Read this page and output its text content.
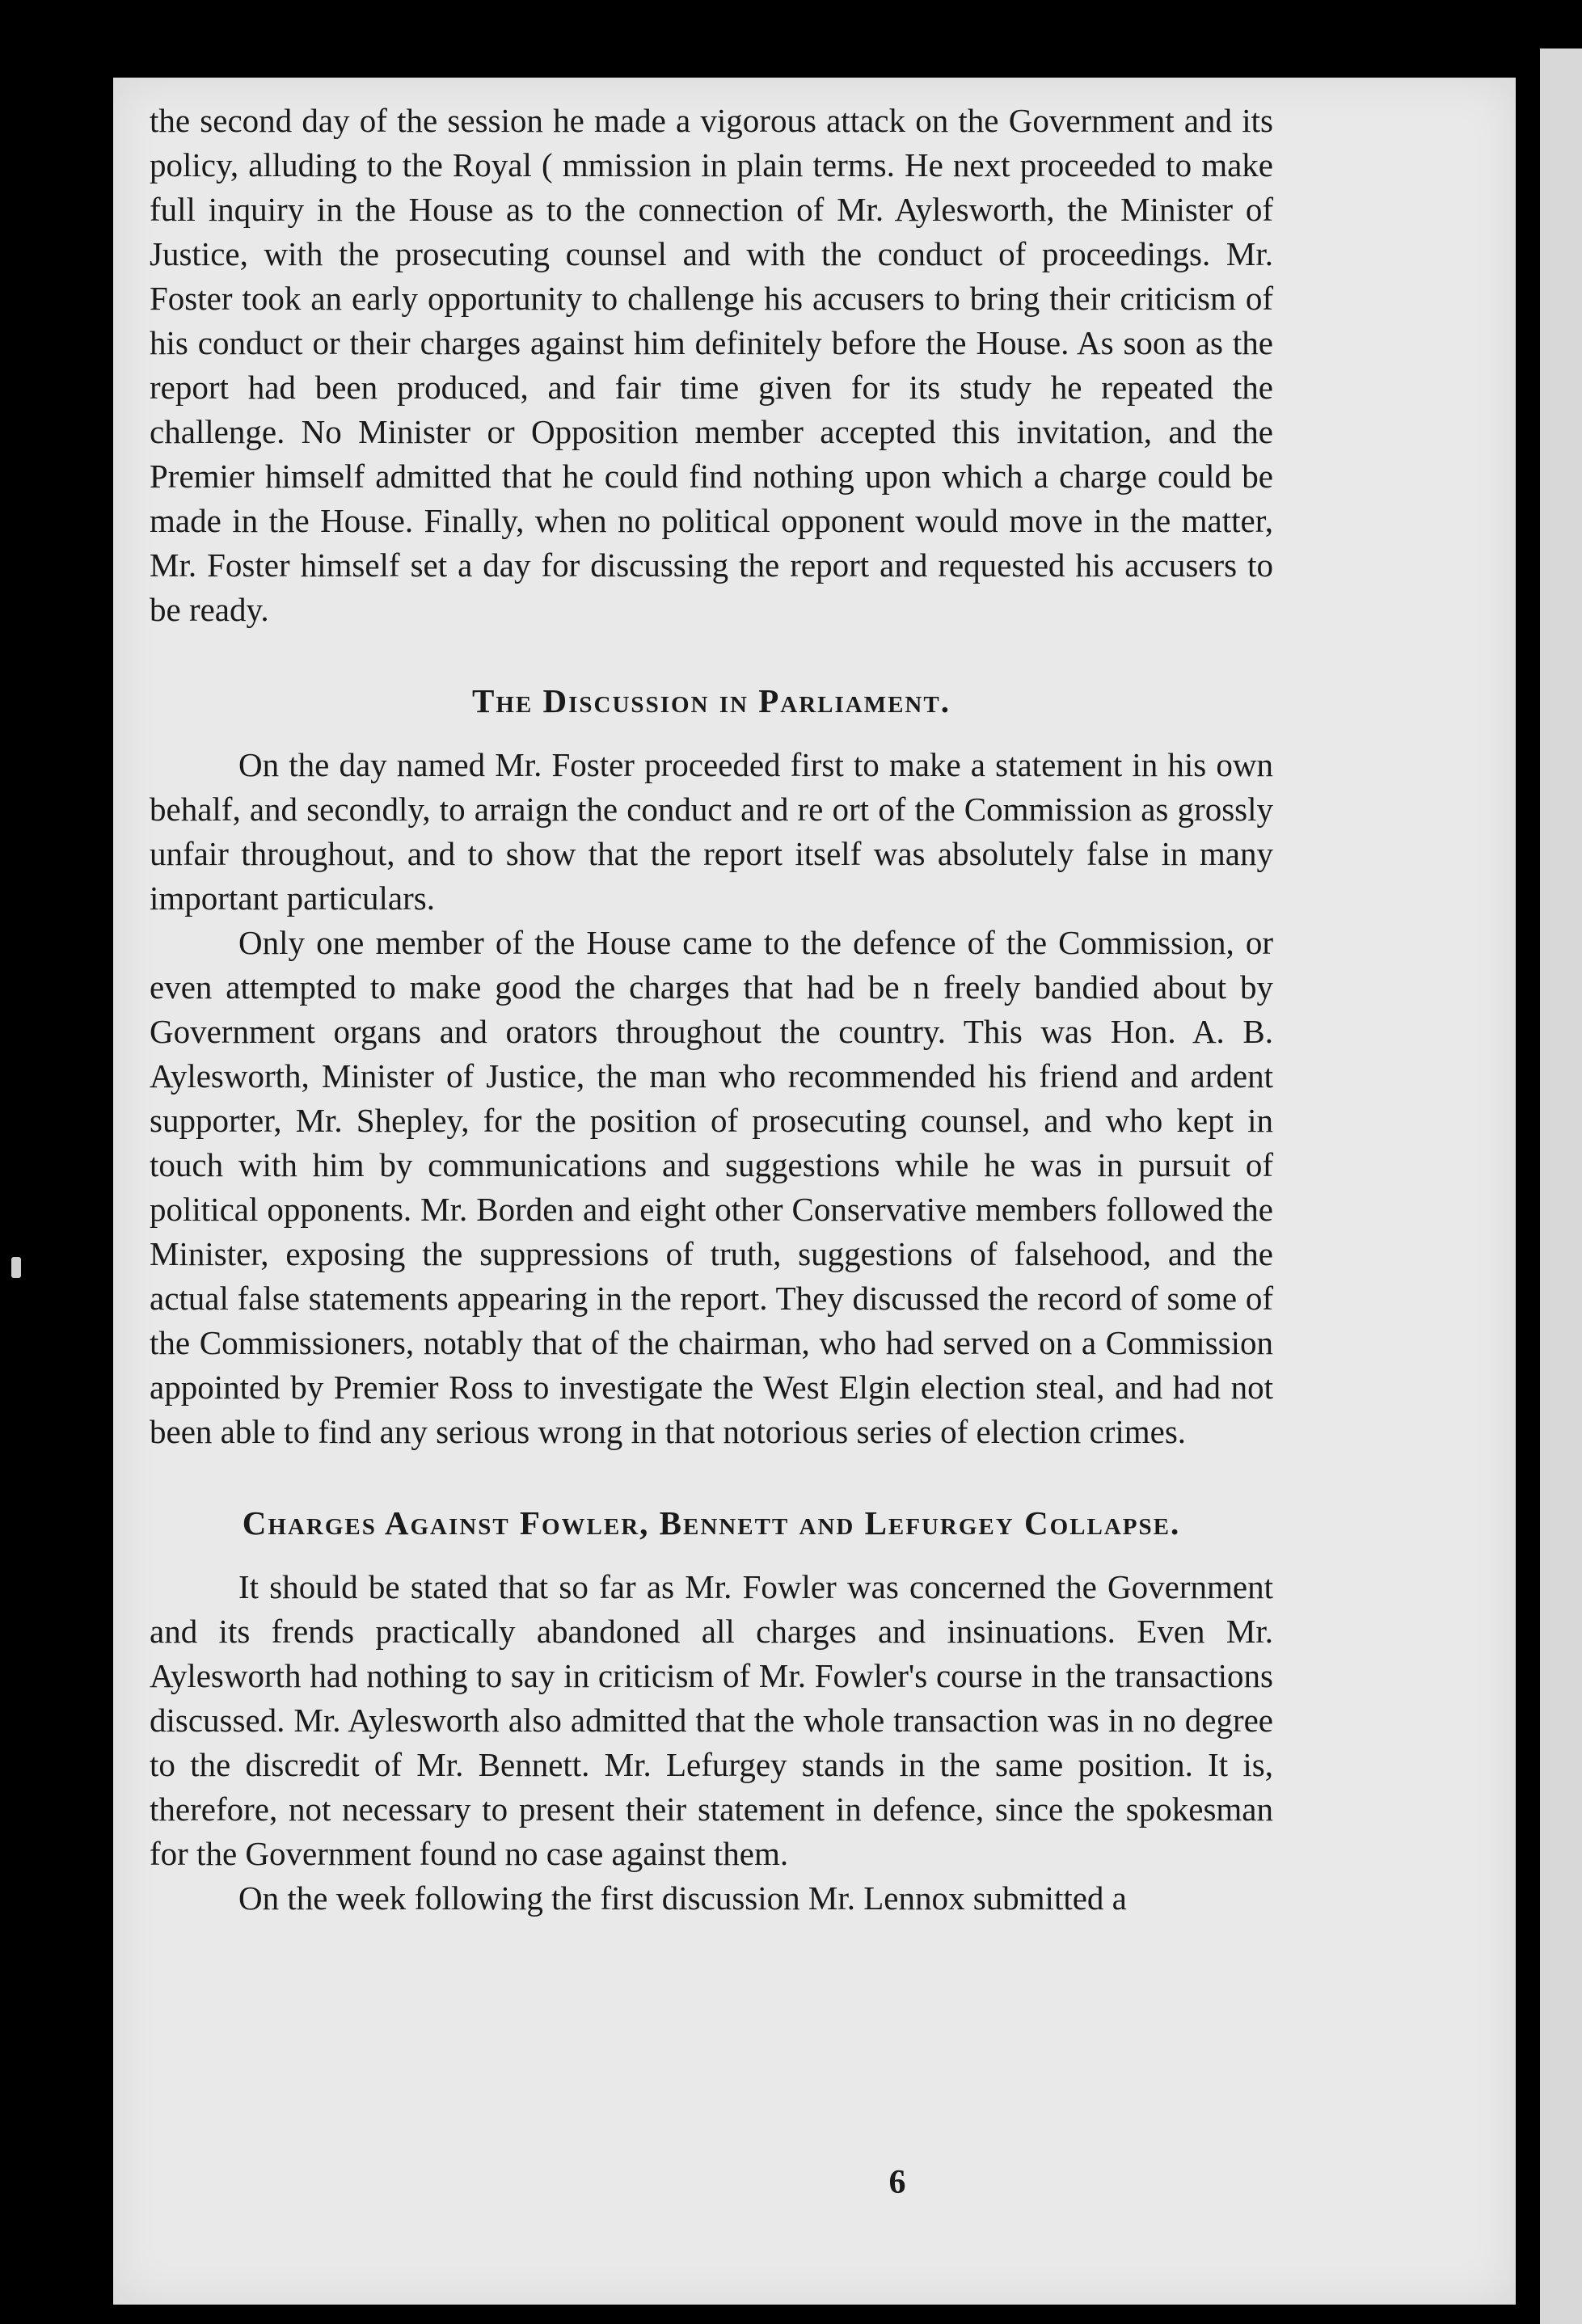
the second day of the session he made a vigorous attack on the Government and its policy, alluding to the Royal ( mmission in plain terms. He next proceeded to make full inquiry in the House as to the connection of Mr. Aylesworth, the Minister of Justice, with the prosecuting counsel and with the conduct of proceedings. Mr. Foster took an early opportunity to challenge his accusers to bring their criticism of his conduct or their charges against him definitely before the House. As soon as the report had been produced, and fair time given for its study he repeated the challenge. No Minister or Opposition member accepted this invitation, and the Premier himself admitted that he could find nothing upon which a charge could be made in the House. Finally, when no political opponent would move in the matter, Mr. Foster himself set a day for discussing the report and requested his accusers to be ready.

The Discussion in Parliament.

On the day named Mr. Foster proceeded first to make a statement in his own behalf, and secondly, to arraign the conduct and re ort of the Commission as grossly unfair throughout, and to show that the report itself was absolutely false in many important particulars.

Only one member of the House came to the defence of the Commission, or even attempted to make good the charges that had be n freely bandied about by Government organs and orators throughout the country. This was Hon. A. B. Aylesworth, Minister of Justice, the man who recommended his friend and ardent supporter, Mr. Shepley, for the position of prosecuting counsel, and who kept in touch with him by communications and suggestions while he was in pursuit of political opponents. Mr. Borden and eight other Conservative members followed the Minister, exposing the suppressions of truth, suggestions of falsehood, and the actual false statements appearing in the report. They discussed the record of some of the Commissioners, notably that of the chairman, who had served on a Commission appointed by Premier Ross to investigate the West Elgin election steal, and had not been able to find any serious wrong in that notorious series of election crimes.

Charges Against Fowler, Bennett and Lefurgey Collapse.

It should be stated that so far as Mr. Fowler was concerned the Government and its frends practically abandoned all charges and insinuations. Even Mr. Aylesworth had nothing to say in criticism of Mr. Fowler's course in the transactions discussed. Mr. Aylesworth also admitted that the whole transaction was in no degree to the discredit of Mr. Bennett. Mr. Lefurgey stands in the same position. It is, therefore, not necessary to present their statement in defence, since the spokesman for the Government found no case against them.

On the week following the first discussion Mr. Lennox submitted a

6
